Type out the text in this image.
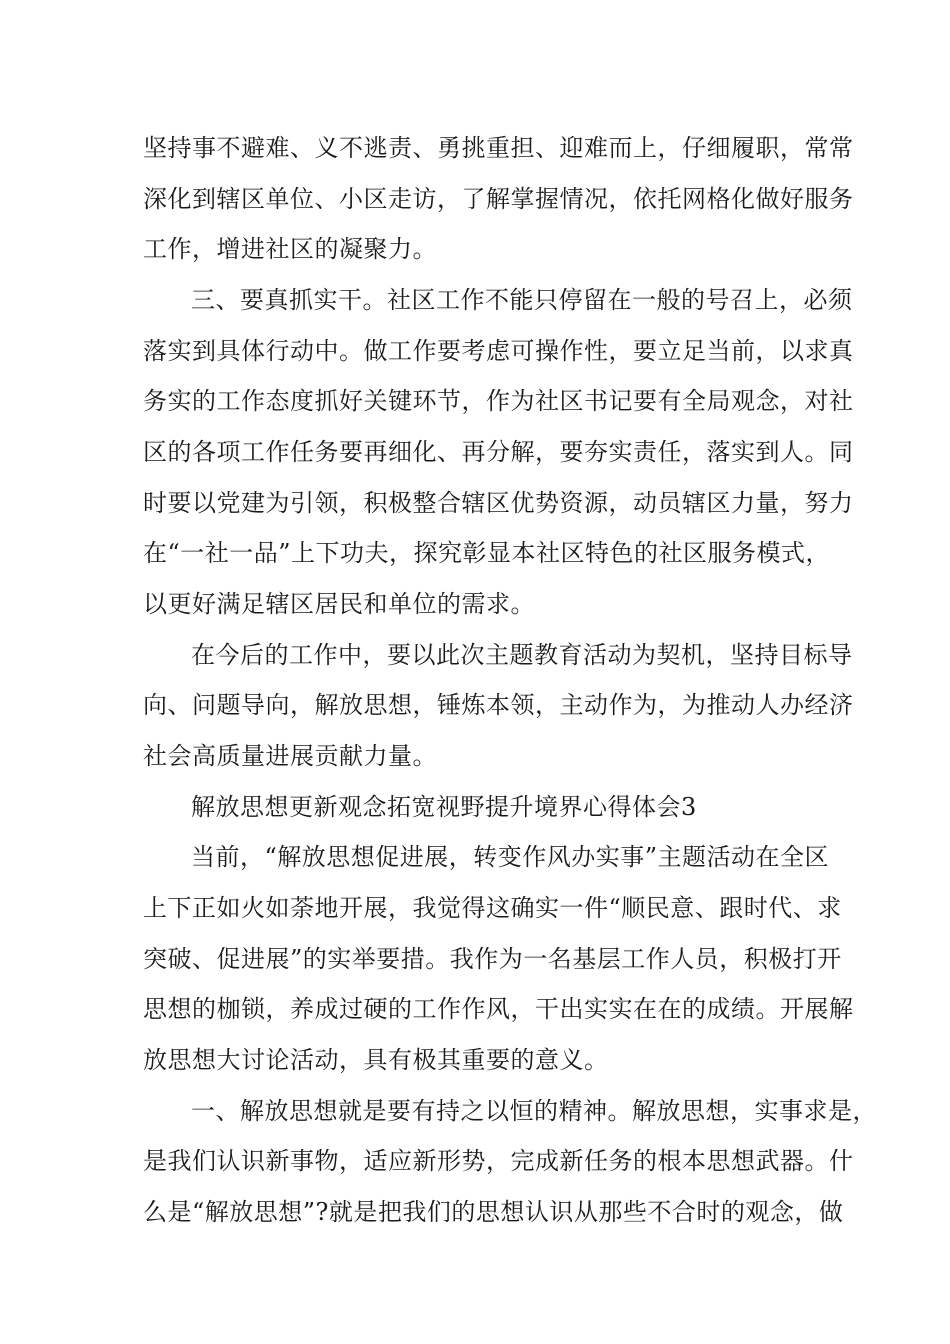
坚持事不避难、义不逃责、勇挑重担、迎难而上，仔细履职，常常
深化到辖区单位、小区走访，了解掌握情况，依托网格化做好服务
工作，增进社区的凝聚力。
三、要真抓实干。社区工作不能只停留在一般的号召上，必须
落实到具体行动中。做工作要考虑可操作性，要立足当前，以求真
务实的工作态度抓好关键环节，作为社区书记要有全局观念，对社
区的各项工作任务要再细化、再分解，要夯实责任，落实到人。同
时要以党建为引领，积极整合辖区优势资源，动员辖区力量，努力
在“一社一品”上下功夫，探究彰显本社区特色的社区服务模式，
以更好满足辖区居民和单位的需求。
在今后的工作中，要以此次主题教育活动为契机，坚持目标导
向、问题导向，解放思想，锤炼本领，主动作为，为推动人办经济
社会高质量进展贡献力量。
解放思想更新观念拓宽视野提升境界心得体会3
当前，“解放思想促进展，转变作风办实事”主题活动在全区
上下正如火如荼地开展，我觉得这确实一件“顺民意、跟时代、求
突破、促进展”的实举要措。我作为一名基层工作人员，积极打开
思想的枷锁，养成过硬的工作作风，干出实实在在的成绩。开展解
放思想大讨论活动，具有极其重要的意义。
一、解放思想就是要有持之以恒的精神。解放思想，实事求是，
是我们认识新事物，适应新形势，完成新任务的根本思想武器。什
么是“解放思想”?就是把我们的思想认识从那些不合时的观念，做
